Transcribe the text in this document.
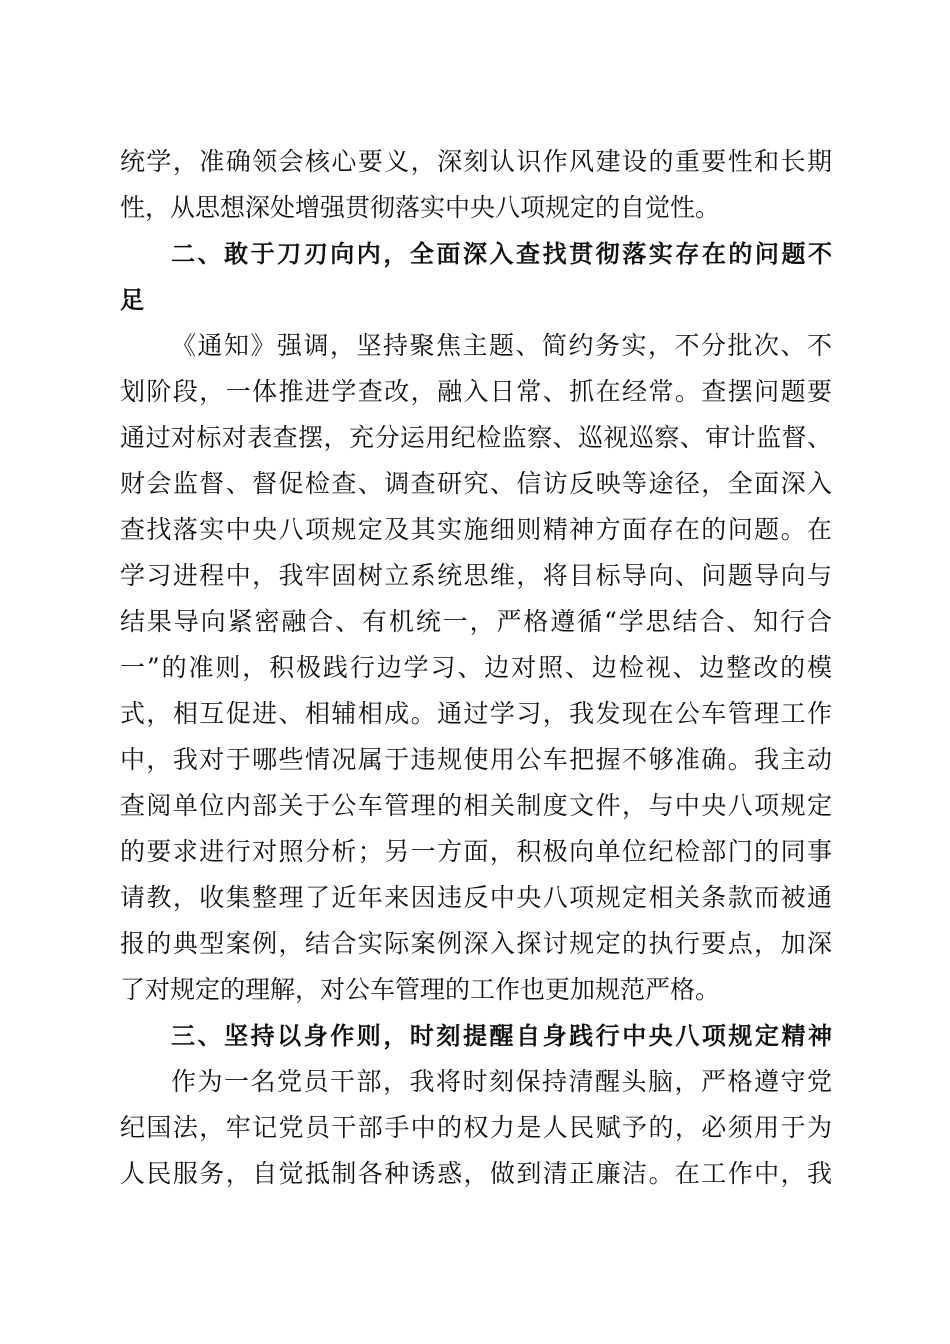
统学，准确领会核心要义，深刻认识作风建设的重要性和长期
性，从思想深处增强贯彻落实中央八项规定的自觉性。
二、敢于刀刃向内，全面深入查找贯彻落实存在的问题不
足
《通知》强调，坚持聚焦主题、简约务实，不分批次、不
划阶段，一体推进学查改，融入日常、抓在经常。查摆问题要
通过对标对表查摆，充分运用纪检监察、巡视巡察、审计监督、
财会监督、督促检查、调查研究、信访反映等途径，全面深入
查找落实中央八项规定及其实施细则精神方面存在的问题。在
学习进程中，我牢固树立系统思维，将目标导向、问题导向与
结果导向紧密融合、有机统一，严格遵循“学思结合、知行合
一”的准则，积极践行边学习、边对照、边检视、边整改的模
式，相互促进、相辅相成。通过学习，我发现在公车管理工作
中，我对于哪些情况属于违规使用公车把握不够准确。我主动
查阅单位内部关于公车管理的相关制度文件，与中央八项规定
的要求进行对照分析；另一方面，积极向单位纪检部门的同事
请教，收集整理了近年来因违反中央八项规定相关条款而被通
报的典型案例，结合实际案例深入探讨规定的执行要点，加深
了对规定的理解，对公车管理的工作也更加规范严格。
三、坚持以身作则，时刻提醒自身践行中央八项规定精神
作为一名党员干部，我将时刻保持清醒头脑，严格遵守党
纪国法，牢记党员干部手中的权力是人民赋予的，必须用于为
人民服务，自觉抵制各种诱惑，做到清正廉洁。在工作中，我
